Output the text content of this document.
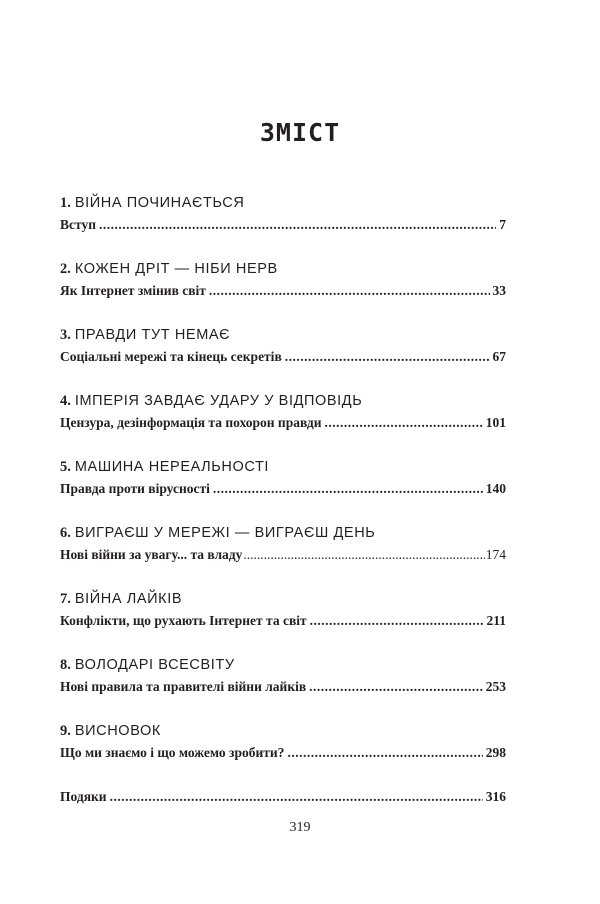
ЗМІСТ
1. ВІЙНА ПОЧИНАЄТЬСЯ
Вступ .....	7
2. КОЖЕН ДРІТ — НІБИ НЕРВ
Як Інтернет змінив світ .....	33
3. ПРАВДИ ТУТ НЕМАЄ
Соціальні мережі та кінець секретів .....	67
4. ІМПЕРІЯ ЗАВДАЄ УДАРУ У ВІДПОВІДЬ
Цензура, дезінформація та похорон правди .....	101
5. МАШИНА НЕРЕАЛЬНОСТІ
Правда проти вірусності .....	140
6. ВИГРАЄШ У МЕРЕЖІ — ВИГРАЄШ ДЕНЬ
Нові війни за увагу... та владу .....	174
7. ВІЙНА ЛАЙКІВ
Конфлікти, що рухають Інтернет та світ .....	211
8. ВОЛОДАРІ ВСЕСВІТУ
Нові правила та правителі війни лайків .....	253
9. ВИСНОВОК
Що ми знаємо і що можемо зробити? .....	298
Подяки .....	316
319
